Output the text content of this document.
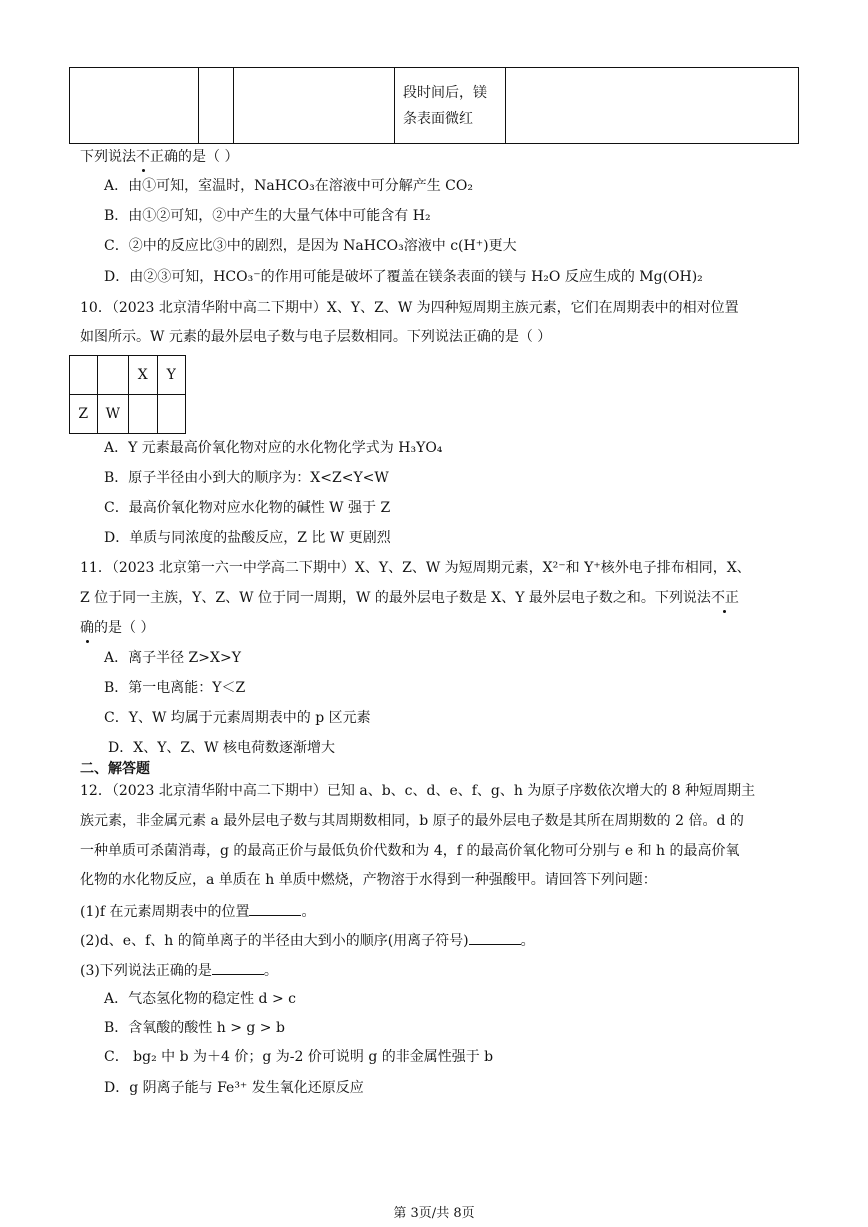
			段时间后，镁
条表面微红	
下列说法不正确的是（ ）
A．由①可知，室温时，NaHCO₃在溶液中可分解产生 CO₂
B．由①②可知，②中产生的大量气体中可能含有 H₂
C．②中的反应比③中的剧烈，是因为 NaHCO₃溶液中 c(H⁺)更大
D．由②③可知，HCO₃⁻的作用可能是破坏了覆盖在镁条表面的镁与 H₂O 反应生成的 Mg(OH)₂
10．（2023 北京清华附中高二下期中）X、Y、Z、W 为四种短周期主族元素，它们在周期表中的相对位置
如图所示。W 元素的最外层电子数与电子层数相同。下列说法正确的是（ ）
		X	Y
Z	W		
A．Y 元素最高价氧化物对应的水化物化学式为 H₃YO₄
B．原子半径由小到大的顺序为：X<Z<Y<W
C．最高价氧化物对应水化物的碱性 W 强于 Z
D．单质与同浓度的盐酸反应，Z 比 W 更剧烈
11．（2023 北京第一六一中学高二下期中）X、Y、Z、W 为短周期元素，X²⁻和 Y⁺核外电子排布相同，X、
Z 位于同一主族，Y、Z、W 位于同一周期，W 的最外层电子数是 X、Y 最外层电子数之和。下列说法不正
确的是（ ）
A．离子半径 Z>X>Y
B．第一电离能：Y＜Z
C．Y、W 均属于元素周期表中的 p 区元素
D．X、Y、Z、W 核电荷数逐渐增大
二、解答题
12．（2023 北京清华附中高二下期中）已知 a、b、c、d、e、f、g、h 为原子序数依次增大的 8 种短周期主
族元素，非金属元素 a 最外层电子数与其周期数相同，b 原子的最外层电子数是其所在周期数的 2 倍。d 的
一种单质可杀菌消毒，g 的最高正价与最低负价代数和为 4，f 的最高价氧化物可分别与 e 和 h 的最高价氧
化物的水化物反应，a 单质在 h 单质中燃烧，产物溶于水得到一种强酸甲。请回答下列问题：
(1)f 在元素周期表中的位置	。
(2)d、e、f、h 的简单离子的半径由大到小的顺序(用离子符号)	。
(3)下列说法正确的是	。
A．气态氢化物的稳定性 d > c
B．含氧酸的酸性 h > g > b
C． bg₂ 中 b 为＋4 价；g 为-2 价可说明 g 的非金属性强于 b
D．g 阴离子能与 Fe³⁺ 发生氧化还原反应
第 3页/共 8页
